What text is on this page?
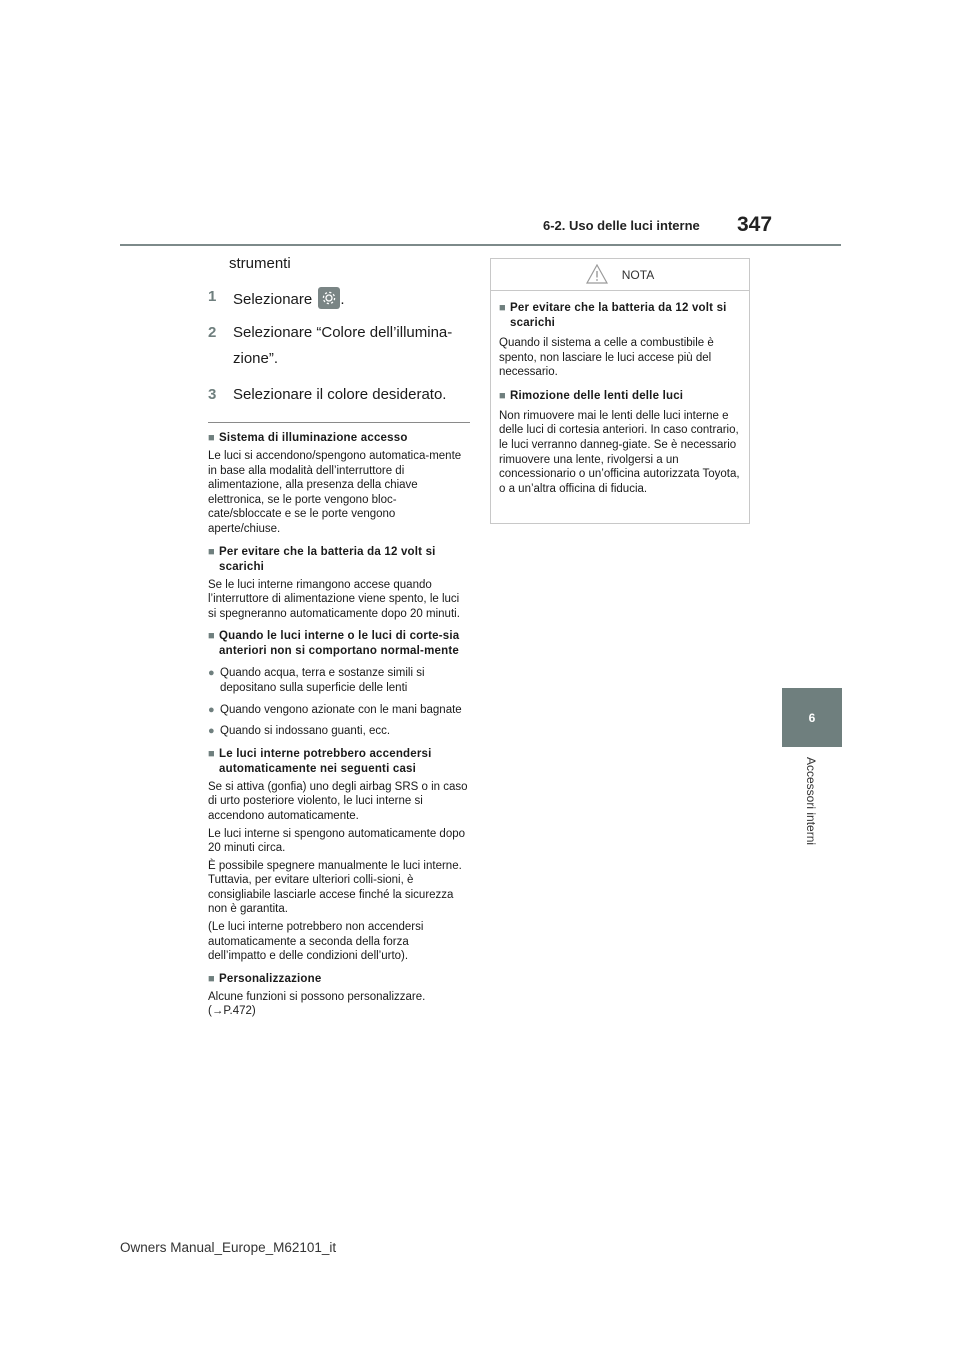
6-2. Uso delle luci interne 347
6
Accessori interni
strumenti
1	Selezionare .
2	Selezionare “Colore dell’illumina-zione”.
3	Selezionare il colore desiderato.
■ Sistema di illuminazione accesso
Le luci si accendono/spengono automatica-mente in base alla modalità dell’interruttore di alimentazione, alla presenza della chiave elettronica, se le porte vengono bloc-cate/sbloccate e se le porte vengono aperte/chiuse.
■ Per evitare che la batteria da 12 volt si scarichi
Se le luci interne rimangono accese quando l’interruttore di alimentazione viene spento, le luci si spegneranno automaticamente dopo 20 minuti.
■ Quando le luci interne o le luci di corte-sia anteriori non si comportano normal-mente
● Quando acqua, terra e sostanze simili si depositano sulla superficie delle lenti
● Quando vengono azionate con le mani bagnate
● Quando si indossano guanti, ecc.
■ Le luci interne potrebbero accendersi automaticamente nei seguenti casi
Se si attiva (gonfia) uno degli airbag SRS o in caso di urto posteriore violento, le luci interne si accendono automaticamente.
Le luci interne si spengono automaticamente dopo 20 minuti circa.
È possibile spegnere manualmente le luci interne. Tuttavia, per evitare ulteriori colli-sioni, è consigliabile lasciarle accese finché la sicurezza non è garantita.
(Le luci interne potrebbero non accendersi automaticamente a seconda della forza dell’impatto e delle condizioni dell’urto).
■ Personalizzazione
Alcune funzioni si possono personalizzare. (→P.472)
NOTA
■ Per evitare che la batteria da 12 volt si scarichi
Quando il sistema a celle a combustibile è spento, non lasciare le luci accese più del necessario.
■ Rimozione delle lenti delle luci
Non rimuovere mai le lenti delle luci interne e delle luci di cortesia anteriori. In caso contrario, le luci verranno danneg-giate. Se è necessario rimuovere una lente, rivolgersi a un concessionario o un’officina autorizzata Toyota, o a un’altra officina di fiducia.
Owners Manual_Europe_M62101_it
